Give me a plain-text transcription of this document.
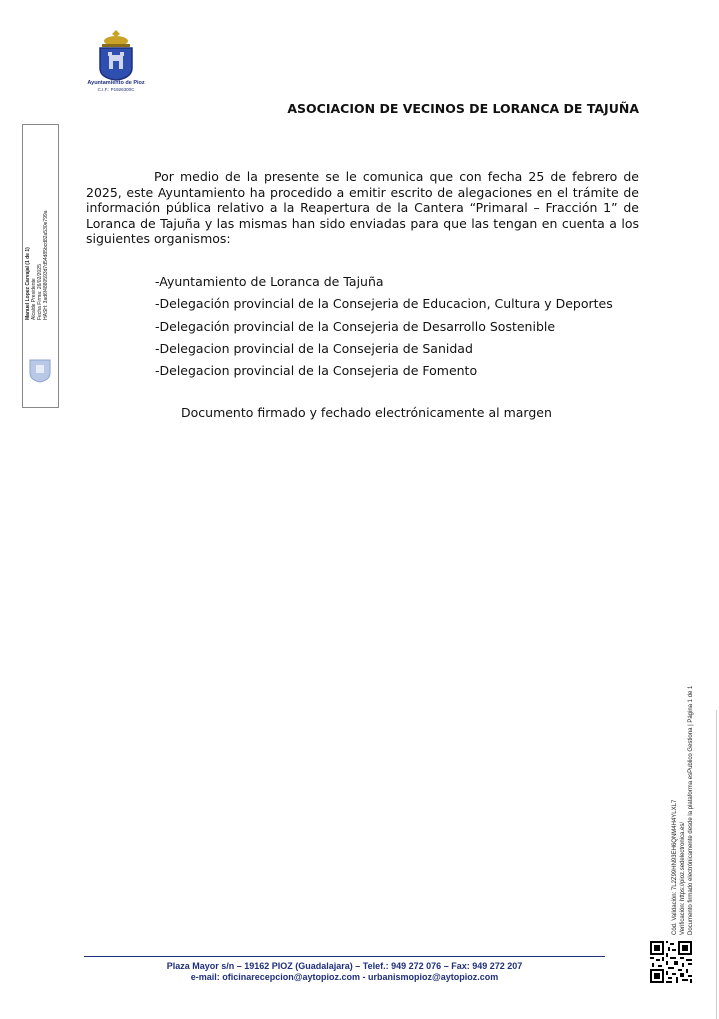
Ayuntamiento de Pioz
C.I.F.: P1926300C
ASOCIACION DE VECINOS DE LORANCA DE TAJUÑA
Manuel Lopez Carvajal (1 de 1) Alcalde Presidente Fecha Firma: 26/02/2025 HASH: 3ad6f4880593d7d54d85bcd82a530e799a
Por medio de la presente se le comunica que con fecha 25 de febrero de 2025, este Ayuntamiento ha procedido a emitir escrito de alegaciones en el trámite de información pública relativo a la Reapertura de la Cantera “Primaral – Fracción 1” de Loranca de Tajuña y las mismas han sido enviadas para que las tengan en cuenta a los siguientes organismos:
-Ayuntamiento de Loranca de Tajuña
-Delegación provincial de la Consejeria de Educacion, Cultura y Deportes
-Delegación provincial de la Consejeria de Desarrollo Sostenible
-Delegacion provincial de la Consejeria de Sanidad
-Delegacion provincial de la Consejeria de Fomento
Documento firmado y fechado electrónicamente al margen
Cód. Validación: 7L2Z99HN93EH6QNM4H4YLXL7 Verificación: https://pioz.sedelectronica.es/ Documento firmado electrónicamente desde la plataforma esPublico Gestiona | Página 1 de 1
Plaza Mayor s/n – 19162 PIOZ (Guadalajara) – Telef.: 949 272 076 – Fax: 949 272 207
e-mail: oficinarecepcion@aytopioz.com - urbanismopioz@aytopioz.com
